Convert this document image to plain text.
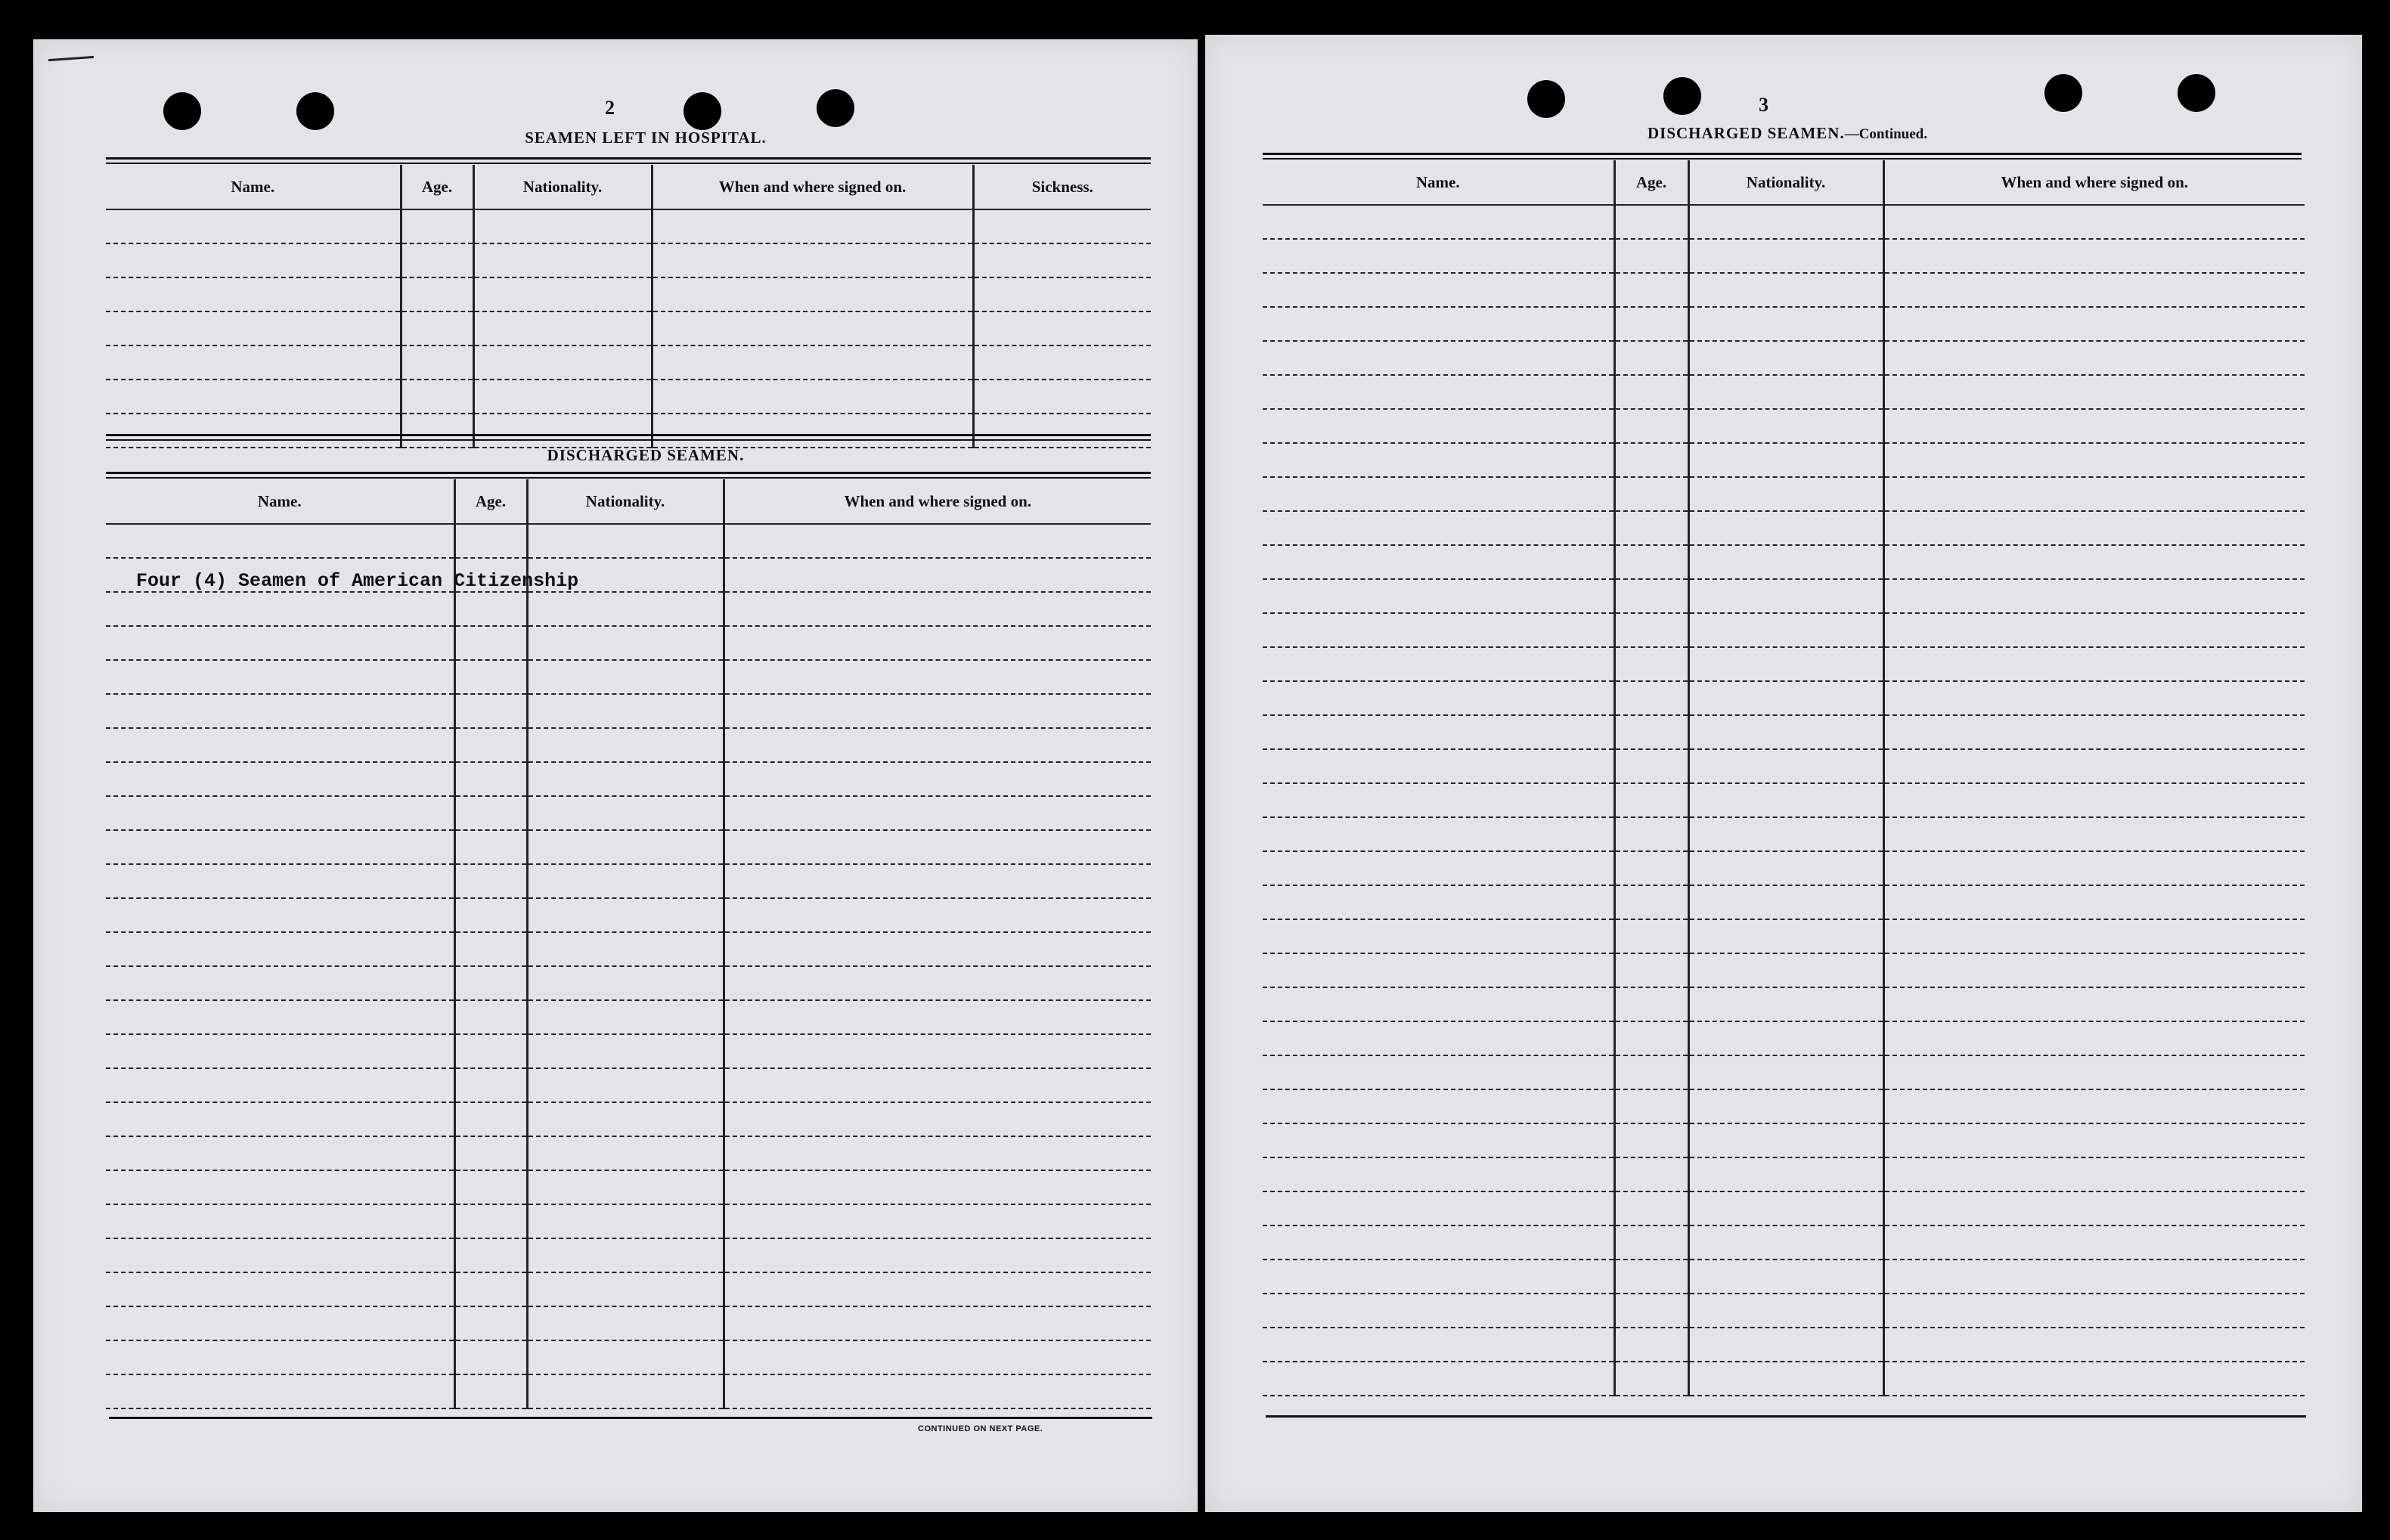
2
SEAMEN LEFT IN HOSPITAL.
Name.	Age.	Nationality.	When and where signed on.	Sickness.

DISCHARGED SEAMEN.
Name.	Age.	Nationality.	When and where signed on.

Four (4) Seamen of American Citizenship
CONTINUED ON NEXT PAGE.
3
DISCHARGED SEAMEN.—Continued.
Name.	Age.	Nationality.	When and where signed on.
